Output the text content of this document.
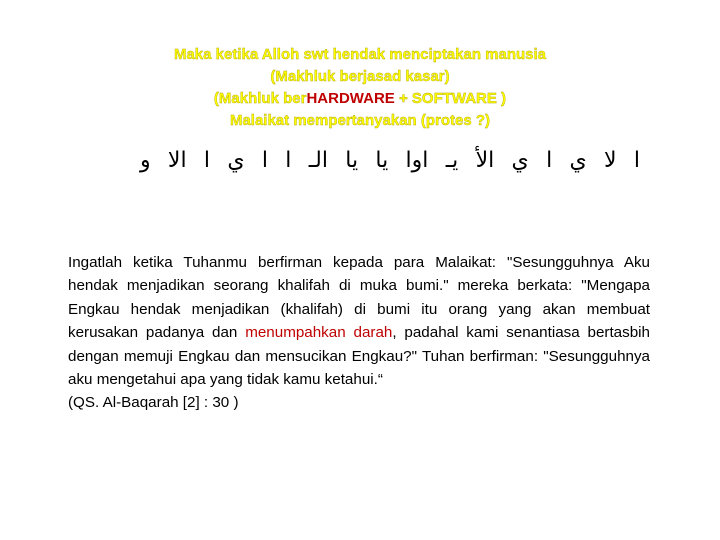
Maka ketika Alloh swt hendak menciptakan manusia
(Makhluk berjasad kasar)
(Makhluk berHARDWARE + SOFTWARE )
Malaikat mempertanyakan (protes ?)
ا لا ي ا ي الأ يـ اوا يا يا الـ ا ا ي ا الا و
Ingatlah ketika Tuhanmu berfirman kepada para Malaikat: "Sesungguhnya Aku hendak menjadikan seorang khalifah di muka bumi." mereka berkata: "Mengapa Engkau hendak menjadikan (khalifah) di bumi itu orang yang akan membuat kerusakan padanya dan menumpahkan darah, padahal kami senantiasa bertasbih dengan memuji Engkau dan mensucikan Engkau?" Tuhan berfirman: "Sesungguhnya aku mengetahui apa yang tidak kamu ketahui.“
(QS. Al-Baqarah [2] : 30 )
